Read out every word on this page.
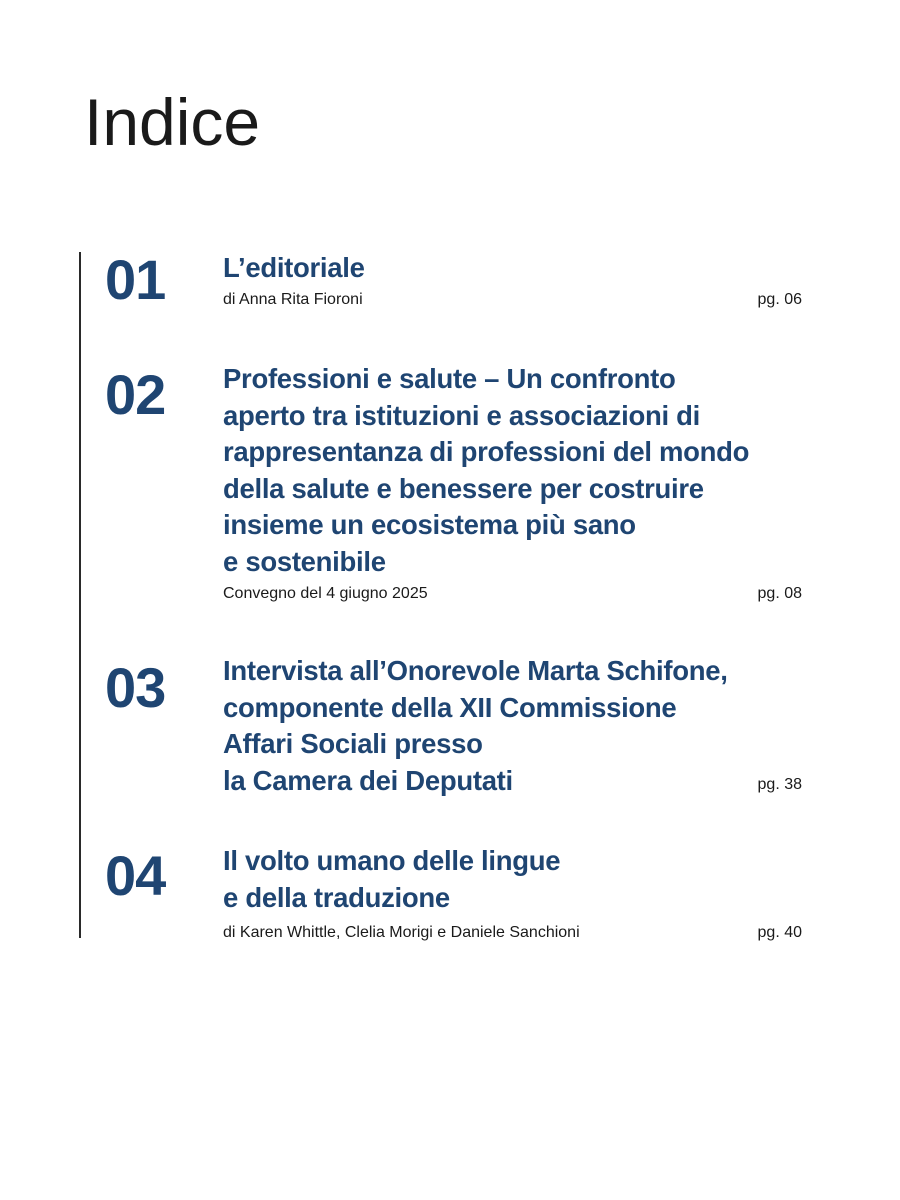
Indice
01 L’editoriale
di Anna Rita Fioroni	pg. 06
02 Professioni e salute – Un confronto
aperto tra istituzioni e associazioni di
rappresentanza di professioni del mondo
della salute e benessere per costruire
insieme un ecosistema più sano
e sostenibile
Convegno del 4 giugno 2025	pg. 08
03 Intervista all’Onorevole Marta Schifone,
componente della XII Commissione
Affari Sociali presso
la Camera dei Deputati	pg. 38
04 Il volto umano delle lingue
e della traduzione
di Karen Whittle, Clelia Morigi e Daniele Sanchioni	pg. 40
